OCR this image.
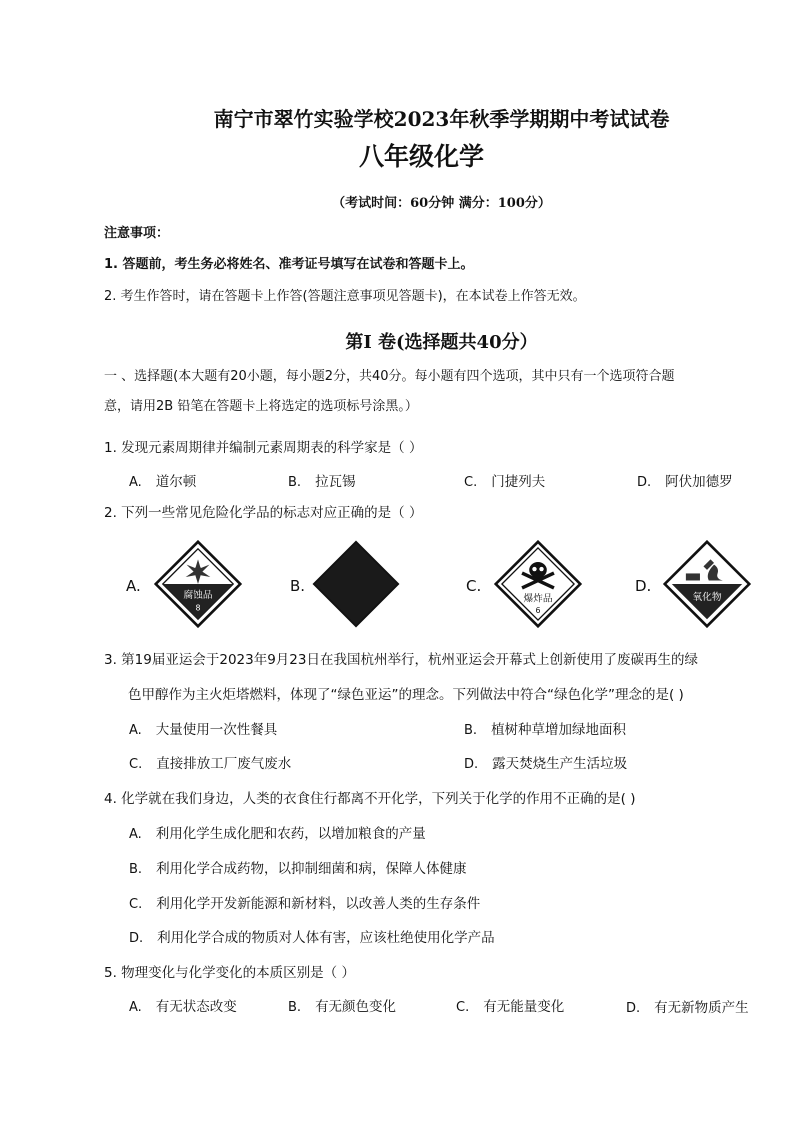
南宁市翠竹实验学校2023年秋季学期期中考试试卷
八年级化学
（考试时间：60分钟 满分：100分）
注意事项：
1. 答题前，考生务必将姓名、准考证号填写在试卷和答题卡上。
2. 考生作答时，请在答题卡上作答(答题注意事项见答题卡)，在本试卷上作答无效。
第I 卷(选择题共40分）
一 、选择题(本大题有20小题，每小题2分，共40分。每小题有四个选项，其中只有一个选项符合题
意，请用2B 铅笔在答题卡上将选定的选项标号涂黑。）
1. 发现元素周期律并编制元素周期表的科学家是（ ）
A. 道尔顿	B. 拉瓦锡	C. 门捷列夫	D. 阿伏加德罗
2. 下列一些常见危险化学品的标志对应正确的是（ ）
A.
腐蚀品
8
B.	C.
爆炸品
6
D.
氧化物
3. 第19届亚运会于2023年9月23日在我国杭州举行，杭州亚运会开幕式上创新使用了废碳再生的绿
色甲醇作为主火炬塔燃料，体现了“绿色亚运”的理念。下列做法中符合“绿色化学”理念的是( )
A. 大量使用一次性餐具	B. 植树种草增加绿地面积
C. 直接排放工厂废气废水	D. 露天焚烧生产生活垃圾
4. 化学就在我们身边，人类的衣食住行都离不开化学，下列关于化学的作用不正确的是( )
A. 利用化学生成化肥和农药，以增加粮食的产量
B. 利用化学合成药物，以抑制细菌和病，保障人体健康
C. 利用化学开发新能源和新材料，以改善人类的生存条件
D. 利用化学合成的物质对人体有害，应该杜绝使用化学产品
5. 物理变化与化学变化的本质区别是（ ）
A. 有无状态改变	B. 有无颜色变化	C. 有无能量变化	D. 有无新物质产生
